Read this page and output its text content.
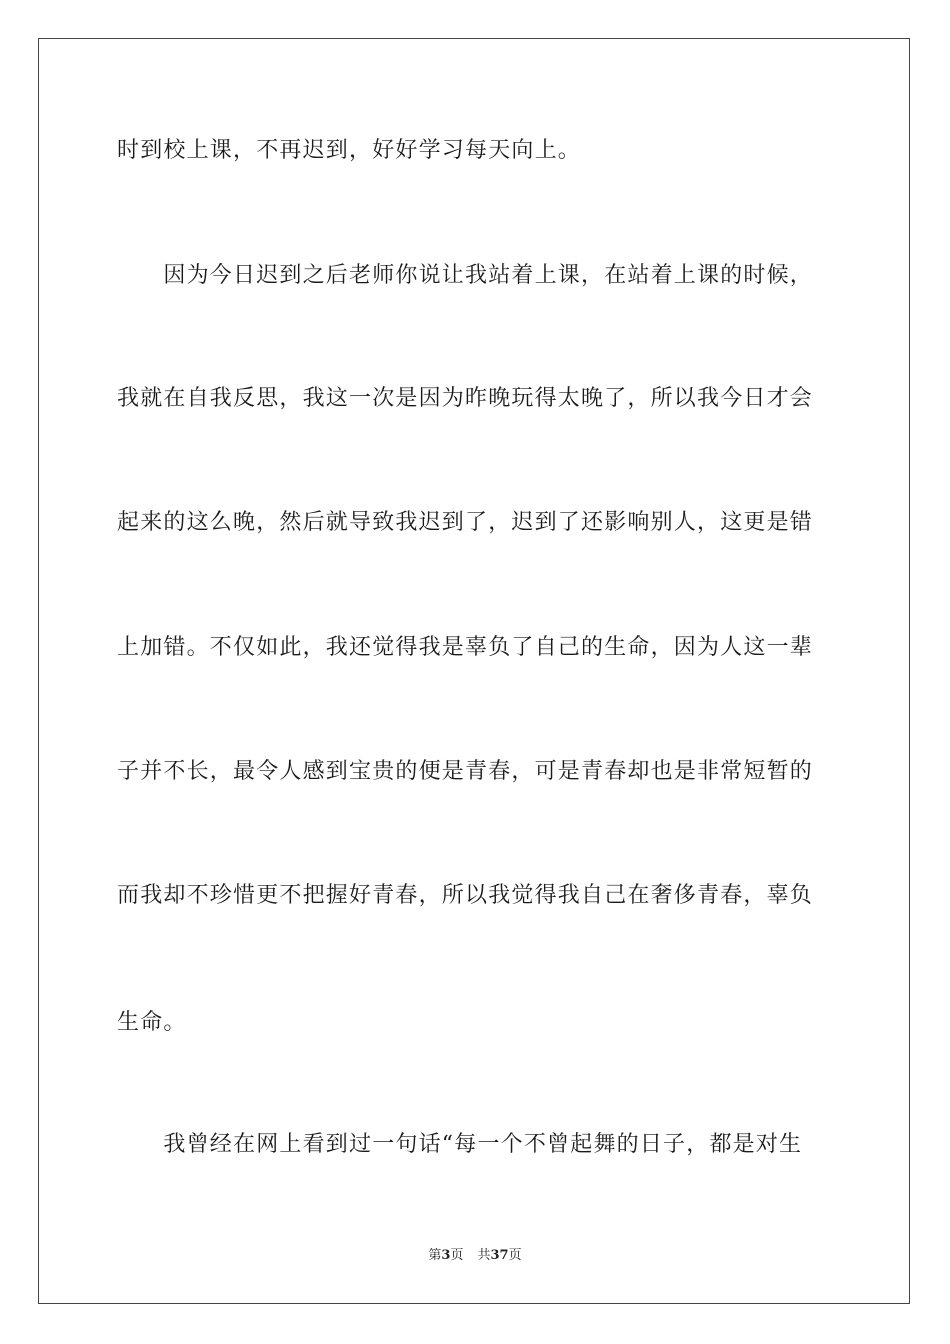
时到校上课，不再迟到，好好学习每天向上。
　　因为今日迟到之后老师你说让我站着上课，在站着上课的时候，
我就在自我反思，我这一次是因为昨晚玩得太晚了，所以我今日才会
起来的这么晚，然后就导致我迟到了，迟到了还影响别人，这更是错
上加错。不仅如此，我还觉得我是辜负了自己的生命，因为人这一辈
子并不长，最令人感到宝贵的便是青春，可是青春却也是非常短暂的
而我却不珍惜更不把握好青春，所以我觉得我自己在奢侈青春，辜负
生命。
　　我曾经在网上看到过一句话“每一个不曾起舞的日子，都是对生
第3页 共37页
